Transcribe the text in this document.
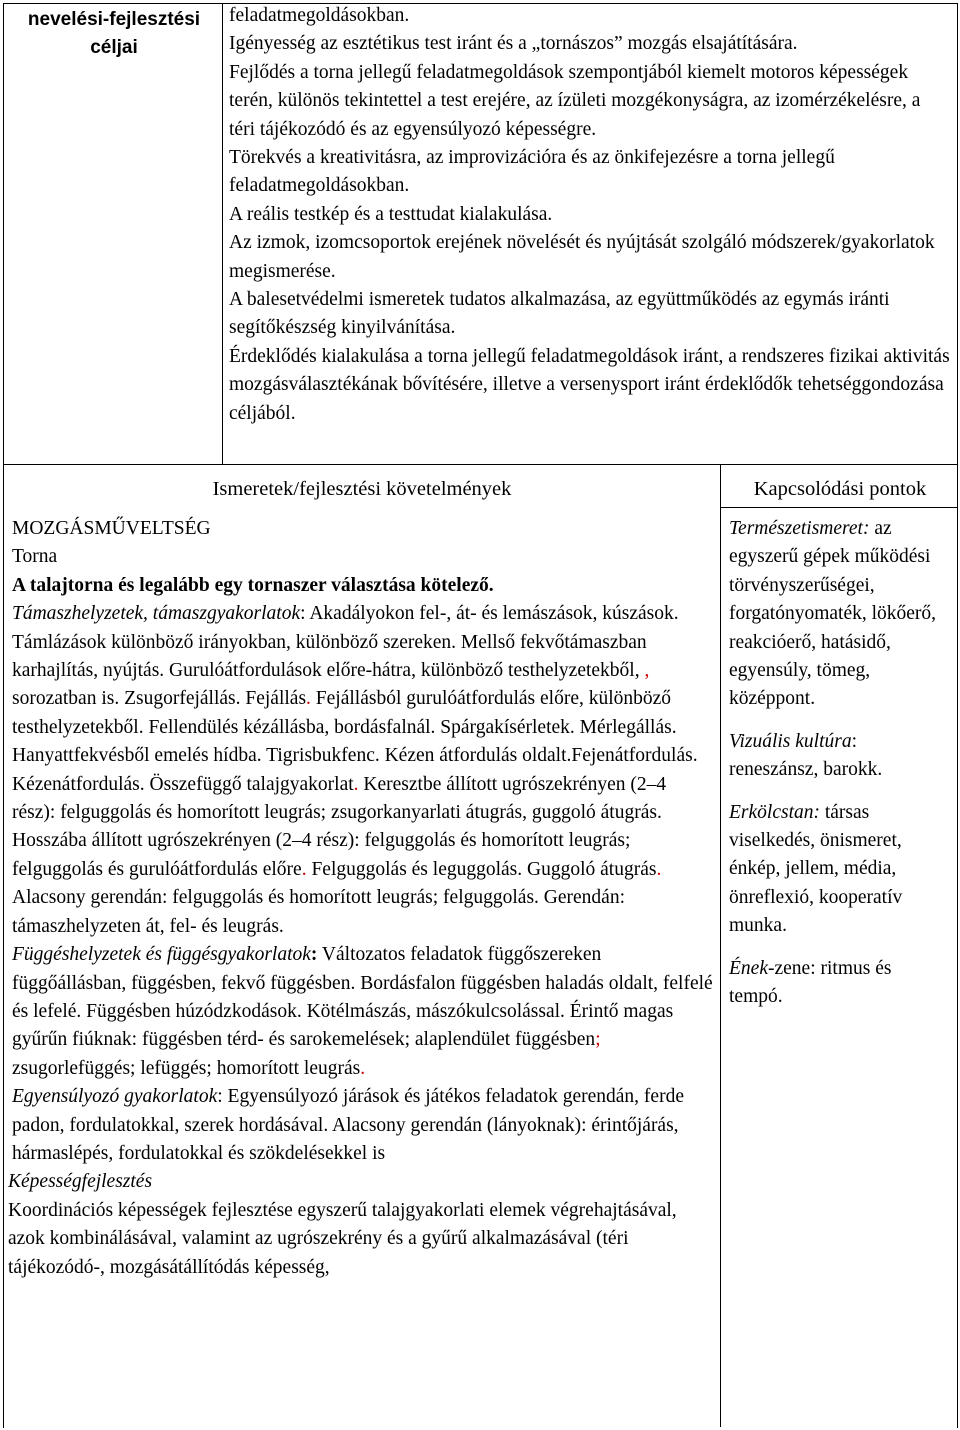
nevelési-fejlesztési céljai

feladatmegoldásokban.

Igényesség az esztétikus test iránt és a „tornászos” mozgás elsajátítására.

Fejlődés a torna jellegű feladatmegoldások szempontjából kiemelt motoros képességek terén, különös tekintettel a test erejére, az ízületi mozgékonyságra, az izomérzékelésre, a téri tájékozódó és az egyensúlyozó képességre.

Törekvés a kreativitásra, az improvizációra és az önkifejezésre a torna jellegű feladatmegoldásokban.

A reális testkép és a testtudat kialakulása.

Az izmok, izomcsoportok erejének növelését és nyújtását szolgáló módszerek/gyakorlatok megismerése.

A balesetvédelmi ismeretek tudatos alkalmazása, az együttműködés az egymás iránti segítőkészség kinyilvánítása.

Érdeklődés kialakulása a torna jellegű feladatmegoldások iránt, a rendszeres fizikai aktivitás mozgásválasztékának bővítésére, illetve a versenysport iránt érdeklődők tehetséggondozása céljából.

Ismeretek/fejlesztési követelmények	Kapcsolódási pontok

MOZGÁSMŰVELTSÉG

Torna

A talajtorna és legalább egy tornaszer választása kötelező.

Támaszhelyzetek, támaszgyakorlatok: Akadályokon fel-, át- és lemászások, kúszások. Támlázások különböző irányokban, különböző szereken. Mellső fekvőtámaszban karhajlítás, nyújtás. Gurulóátfordulások előre-hátra, különböző testhelyzetekből, , sorozatban is. Zsugorfejállás. Fejállás. Fejállásból gurulóátfordulás előre, különböző testhelyzetekből. Fellendülés kézállásba, bordásfalnál. Spárgakísérletek. Mérlegállás. Hanyattfekvésből emelés hídba. Tigrisbukfenc. Kézen átfordulás oldalt.Fejenátfordulás. Kézenátfordulás. Összefüggő talajgyakorlat. Keresztbe állított ugrószekrényen (2–4 rész): felguggolás és homorított leugrás; zsugorkanyarlati átugrás, guggoló átugrás. Hosszába állított ugrószekrényen (2–4 rész): felguggolás és homorított leugrás; felguggolás és gurulóátfordulás előre. Felguggolás és leguggolás. Guggoló átugrás. Alacsony gerendán: felguggolás és homorított leugrás; felguggolás. Gerendán: támaszhelyzeten át, fel- és leugrás.

Függéshelyzetek és függésgyakorlatok: Változatos feladatok függőszereken függőállásban, függésben, fekvő függésben. Bordásfalon függésben haladás oldalt, felfelé és lefelé. Függésben húzódzkodások. Kötélmászás, mászókulcsolással. Érintő magas gyűrűn fiúknak: függésben térd- és sarokemelések; alaplendület függésben; zsugorlefüggés; lefüggés; homorított leugrás.

Egyensúlyozó gyakorlatok: Egyensúlyozó járások és játékos feladatok gerendán, ferde padon, fordulatokkal, szerek hordásával. Alacsony gerendán (lányoknak): érintőjárás, hármaslépés, fordulatokkal és szökdelésekkel is

Képességfejlesztés

Koordinációs képességek fejlesztése egyszerű talajgyakorlati elemek végrehajtásával, azok kombinálásával, valamint az ugrószekrény és a gyűrű alkalmazásával (téri tájékozódó-, mozgásátállítódás képesség,

Természetismeret: az egyszerű gépek működési törvényszerűségei, forgatónyomaték, lökőerő, reakcióerő, hatásidő, egyensúly, tömeg, középpont.

Vizuális kultúra: reneszánsz, barokk.

Erkölcstan: társas viselkedés, önismeret, énkép, jellem, média, önreflexió, kooperatív munka.

Ének-zene: ritmus és tempó.
